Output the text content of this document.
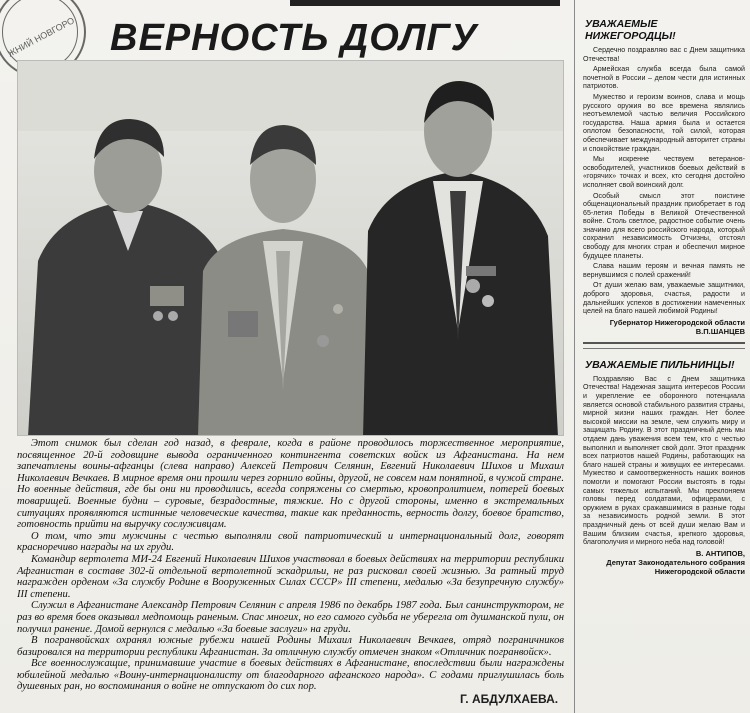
ЖНИЙ НОВГОРО ВЕРНОСТЬ ДОЛГУ

Этот снимок был сделан год назад, в феврале, когда в районе проводилось торжественное мероприятие, посвященное 20-й годовщине вывода ограниченного контингента советских войск из Афганистана. На нем запечатлены воины-афганцы (слева направо) Алексей Петрович Селянин, Евгений Николаевич Шихов и Михаил Николаевич Вечкаев. В мирное время они прошли через горнило войны, другой, не совсем нам понятной, в чужой стране. Но военные действия, где бы они ни проводились, всегда сопряжены со смертью, кровопролитием, потерей боевых товарищей. Военные будни – суровые, безрадостные, тяжкие. Но с другой стороны, именно в экстремальных ситуациях проявляются истинные человеческие качества, такие как преданность, верность долгу, боевое братство, готовность прийти на выручку сослуживцам.

О том, что эти мужчины с честью выполняли свой патриотический и интернациональный долг, говорят красноречиво награды на их груди.

Командир вертолета МИ-24 Евгений Николаевич Шихов участвовал в боевых действиях на территории республики Афганистан в составе 302-й отдельной вертолетной эскадрильи, не раз рисковал своей жизнью. За ратный труд награжден орденом «За службу Родине в Вооруженных Силах СССР» III степени, медалью «За безупречную службу» III степени.

Служил в Афганистане Александр Петрович Селянин с апреля 1986 по декабрь 1987 года. Был санинструктором, не раз во время боев оказывал медпомощь раненым. Спас многих, но его самого судьба не уберегла от душманской пули, он получил ранение. Домой вернулся с медалью «За боевые заслуги» на груди.

В погранвойсках охранял южные рубежи нашей Родины Михаил Николаевич Вечкаев, отряд пограничников базировался на территории республики Афганистан. За отличную службу отмечен знаком «Отличник погранвойск».

Все военнослужащие, принимавшие участие в боевых действиях в Афганистане, впоследствии были награждены юбилейной медалью «Воину-интернационалисту от благодарного афганского народа». С годами приглушилась боль душевных ран, но воспоминания о войне не отпускают до сих пор.

Г. АБДУЛХАЕВА.
УВАЖАЕМЫЕ НИЖЕГОРОДЦЫ!

Сердечно поздравляю вас с Днем защитника Отечества!

Армейская служба всегда была самой почетной в России – делом чести для истинных патриотов.

Мужество и героизм воинов, слава и мощь русского оружия во все времена являлись неотъемлемой частью величия Российского государства. Наша армия была и остается оплотом безопасности, той силой, которая обеспечивает международный авторитет страны и спокойствие граждан.

Мы искренне чествуем ветеранов-освободителей, участников боевых действий в «горячих» точках и всех, кто сегодня достойно исполняет свой воинский долг.

Особый смысл этот поистине общенациональный праздник приобретает в год 65-летия Победы в Великой Отечественной войне. Столь светлое, радостное событие очень значимо для всего российского народа, который сохранил независимость Отчизны, отстоял свободу для многих стран и обеспечил мирное будущее планеты.

Слава нашим героям и вечная память не вернувшимся с полей сражений!

От души желаю вам, уважаемые защитники, доброго здоровья, счастья, радости и дальнейших успехов в достижении намеченных целей на благо нашей любимой Родины!

Губернатор Нижегородской области
В.П.ШАНЦЕВ
УВАЖАЕМЫЕ ПИЛЬНИНЦЫ!

Поздравляю Вас с Днем защитника Отечества! Надежная защита интересов России и укрепление ее оборонного потенциала является основой стабильного развития страны, мирной жизни наших граждан. Нет более высокой миссии на земле, чем служить миру и защищать Родину. В этот праздничный день мы отдаем дань уважения всем тем, кто с честью выполнил и выполняет свой долг. Этот праздник всех патриотов нашей Родины, работающих на благо нашей страны и живущих ее интересами. Мужество и самоотверженность наших воинов помогли и помогают России выстоять в годы самых тяжелых испытаний. Мы преклоняем головы перед солдатами, офицерами, с оружием в руках сражавшимися в разные годы за независимость родной земли. В этот праздничный день от всей души желаю Вам и Вашим близким счастья, крепкого здоровья, благополучия и мирного неба над головой!

В. АНТИПОВ,
Депутат Законодательного собрания
Нижегородской области
